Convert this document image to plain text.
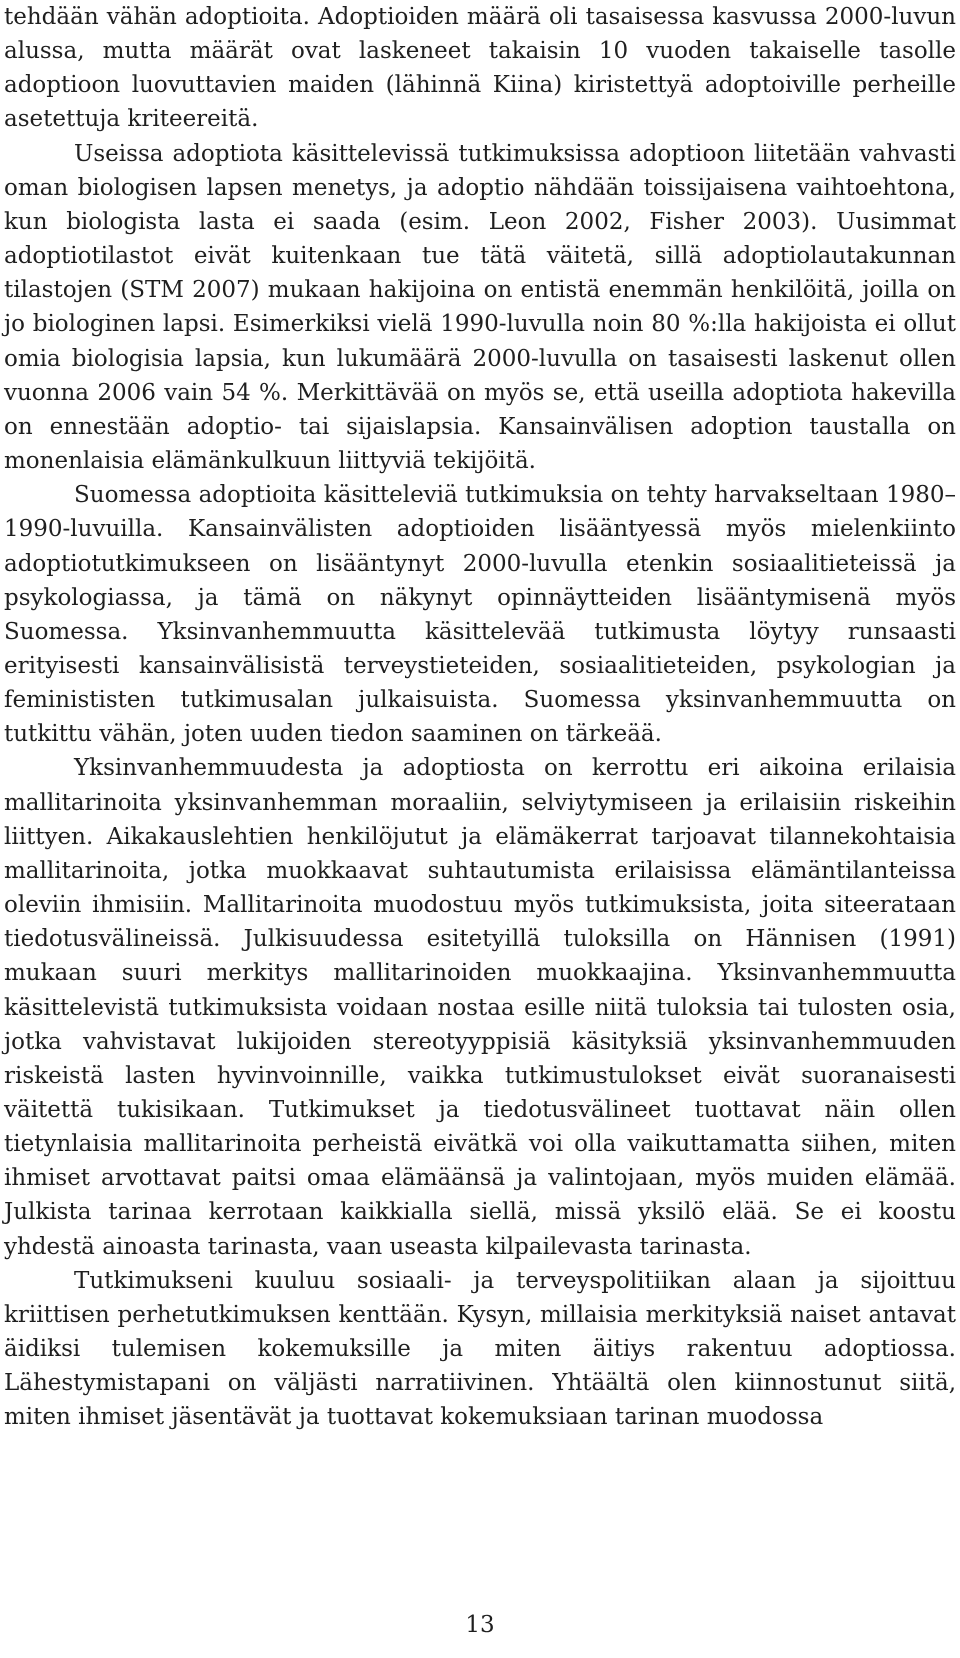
tehdään vähän adoptioita. Adoptioiden määrä oli tasaisessa kasvussa 2000-luvun alussa, mutta määrät ovat laskeneet takaisin 10 vuoden takaiselle tasolle adoptioon luovuttavien maiden (lähinnä Kiina) kiristettyä adoptoiville perheille asetettuja kriteereitä.

Useissa adoptiota käsittelevissä tutkimuksissa adoptioon liitetään vahvasti oman biologisen lapsen menetys, ja adoptio nähdään toissijaisena vaihtoehtona, kun biologista lasta ei saada (esim. Leon 2002, Fisher 2003). Uusimmat adoptiotilastot eivät kuitenkaan tue tätä väitetä, sillä adoptiolautakunnan tilastojen (STM 2007) mukaan hakijoina on entistä enemmän henkilöitä, joilla on jo biologinen lapsi. Esimerkiksi vielä 1990-luvulla noin 80 %:lla hakijoista ei ollut omia biologisia lapsia, kun lukumäärä 2000-luvulla on tasaisesti laskenut ollen vuonna 2006 vain 54 %. Merkittävää on myös se, että useilla adoptiota hakevilla on ennestään adoptio- tai sijaislapsia. Kansainvälisen adoption taustalla on monenlaisia elämänkulkuun liittyviä tekijöitä.

Suomessa adoptioita käsitteleviä tutkimuksia on tehty harvakseltaan 1980–1990-luvuilla. Kansainvälisten adoptioiden lisääntyessä myös mielenkiinto adoptiotutkimukseen on lisääntynyt 2000-luvulla etenkin sosiaalitieteissä ja psykologiassa, ja tämä on näkynyt opinnäytteiden lisääntymisenä myös Suomessa. Yksinvanhemmuutta käsittelevää tutkimusta löytyy runsaasti erityisesti kansainvälisistä terveystieteiden, sosiaalitieteiden, psykologian ja feminististen tutkimusalan julkaisuista. Suomessa yksinvanhemmuutta on tutkittu vähän, joten uuden tiedon saaminen on tärkeää.

Yksinvanhemmuudesta ja adoptiosta on kerrottu eri aikoina erilaisia mallitarinoita yksinvanhemman moraaliin, selviytymiseen ja erilaisiin riskeihin liittyen. Aikakauslehtien henkilöjutut ja elämäkerrat tarjoavat tilannekohtaisia mallitarinoita, jotka muokkaavat suhtautumista erilaisissa elämäntilanteissa oleviin ihmisiin. Mallitarinoita muodostuu myös tutkimuksista, joita siteerataan tiedotusvälineissä. Julkisuudessa esitetyillä tuloksilla on Hännisen (1991) mukaan suuri merkitys mallitarinoiden muokkaajina. Yksinvanhemmuutta käsittelevistä tutkimuksista voidaan nostaa esille niitä tuloksia tai tulosten osia, jotka vahvistavat lukijoiden stereotyyppisiä käsityksiä yksinvanhemmuuden riskeistä lasten hyvinvoinnille, vaikka tutkimustulokset eivät suoranaisesti väitettä tukisikaan. Tutkimukset ja tiedotusvälineet tuottavat näin ollen tietynlaisia mallitarinoita perheistä eivätkä voi olla vaikuttamatta siihen, miten ihmiset arvottavat paitsi omaa elämäänsä ja valintojaan, myös muiden elämää. Julkista tarinaa kerrotaan kaikkialla siellä, missä yksilö elää. Se ei koostu yhdestä ainoasta tarinasta, vaan useasta kilpailevasta tarinasta.

Tutkimukseni kuuluu sosiaali- ja terveyspolitiikan alaan ja sijoittuu kriittisen perhetutkimuksen kenttään. Kysyn, millaisia merkityksiä naiset antavat äidiksi tulemisen kokemuksille ja miten äitiys rakentuu adoptiossa. Lähestymistapani on väljästi narratiivinen. Yhtäältä olen kiinnostunut siitä, miten ihmiset jäsentävät ja tuottavat kokemuksiaan tarinan muodossa

13
